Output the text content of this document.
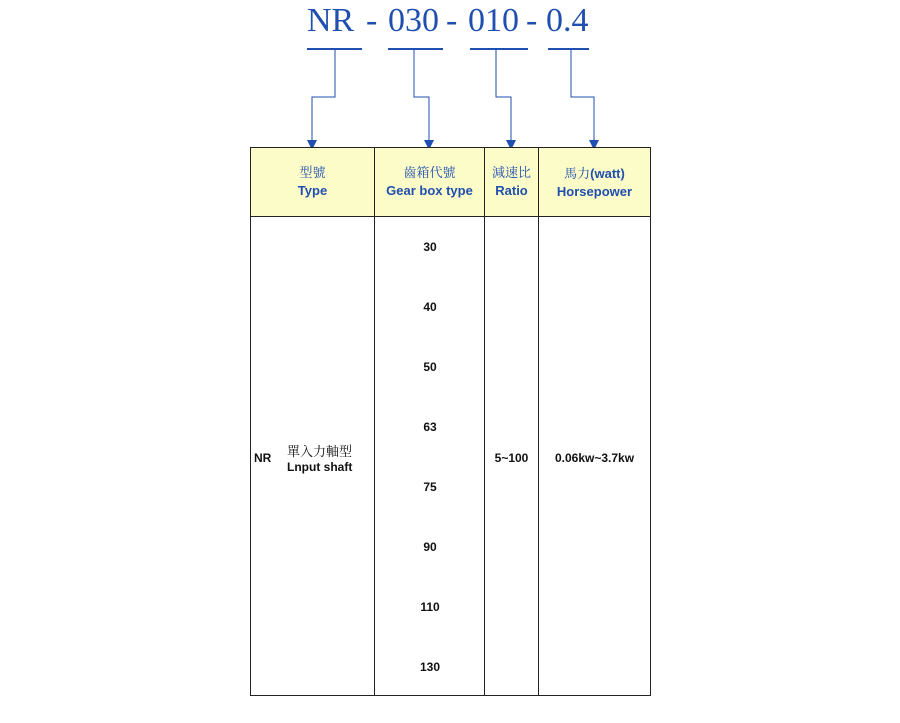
NR - 030 - 010 - 0.4
型號
Type
齒箱代號
Gear box type
減速比
Ratio
馬力(watt)
Horsepower
NR 單入力軸型
Lnput shaft
30
40
50
63
75
90
110
130
5~100	0.06kw~3.7kw
